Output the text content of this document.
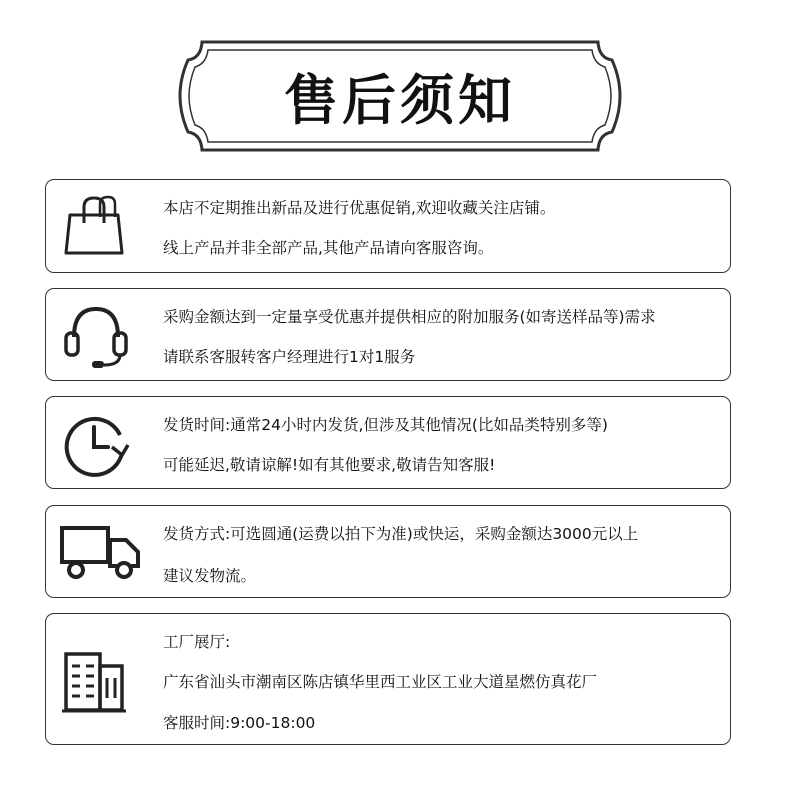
售后须知
本店不定期推出新品及进行优惠促销,欢迎收藏关注店铺。
线上产品并非全部产品,其他产品请向客服咨询。
采购金额达到一定量享受优惠并提供相应的附加服务(如寄送样品等)需求
请联系客服转客户经理进行1对1服务
发货时间:通常24小时内发货,但涉及其他情况(比如品类特别多等)
可能延迟,敬请谅解!如有其他要求,敬请告知客服!
发货方式:可选圆通(运费以拍下为准)或快运，采购金额达3000元以上
建议发物流。
工厂展厅:
广东省汕头市潮南区陈店镇华里西工业区工业大道星燃仿真花厂
客服时间:9:00-18:00
